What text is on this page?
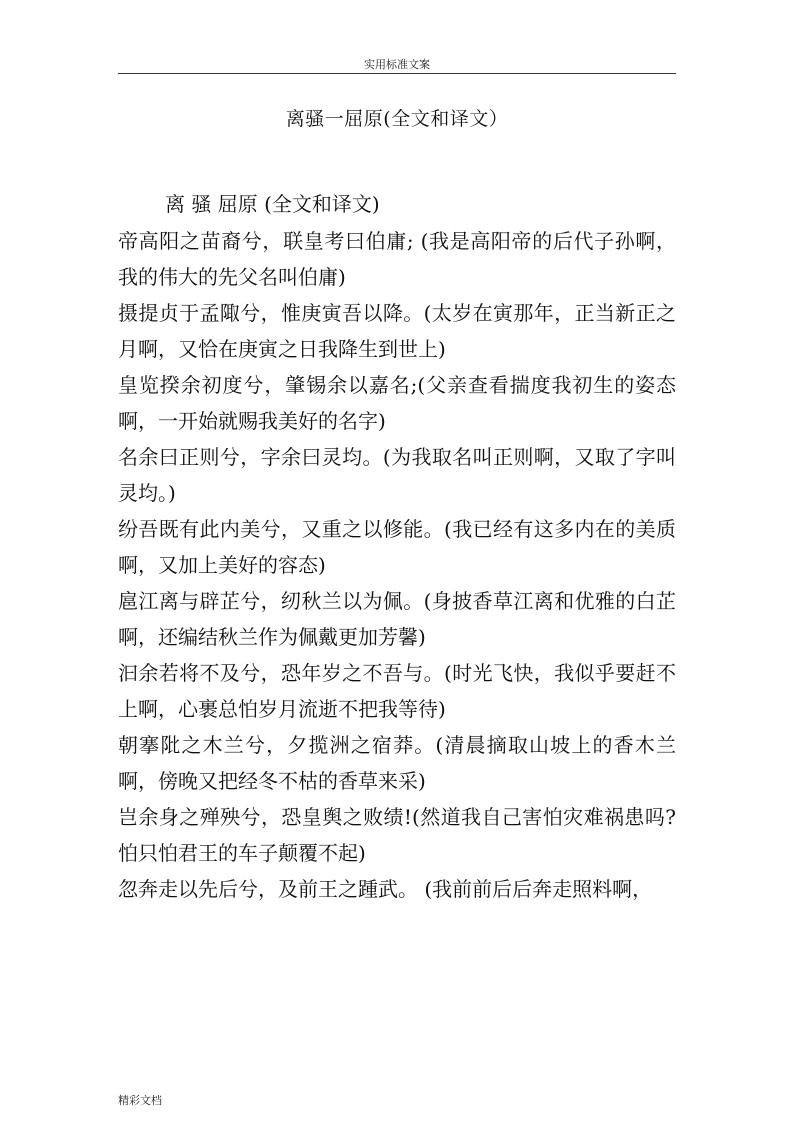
实用标准文案
离骚一屈原(全文和译文）
离 骚 屈原 (全文和译文)

帝高阳之苗裔兮，联皇考曰伯庸; (我是高阳帝的后代子孙啊，我的伟大的先父名叫伯庸)

摄提贞于孟陬兮，惟庚寅吾以降。(太岁在寅那年，正当新正之月啊，又恰在庚寅之日我降生到世上)

皇览揆余初度兮，肇锡余以嘉名;(父亲查看揣度我初生的姿态啊，一开始就赐我美好的名字)

名余曰正则兮，字余曰灵均。(为我取名叫正则啊，又取了字叫灵均。)

纷吾既有此内美兮，又重之以修能。(我已经有这多内在的美质啊，又加上美好的容态)

扈江离与辟芷兮，纫秋兰以为佩。(身披香草江离和优雅的白芷啊，还编结秋兰作为佩戴更加芳馨)

汩余若将不及兮，恐年岁之不吾与。(时光飞快，我似乎要赶不上啊，心裹总怕岁月流逝不把我等待)

朝搴阰之木兰兮，夕揽洲之宿莽。(清晨摘取山坡上的香木兰啊，傍晚又把经冬不枯的香草来采)

岂余身之殚殃兮，恐皇舆之败绩!(然道我自己害怕灾难祸患吗?怕只怕君王的车子颠覆不起)

忽奔走以先后兮，及前王之踵武。 (我前前后后奔走照料啊，

精彩文档
